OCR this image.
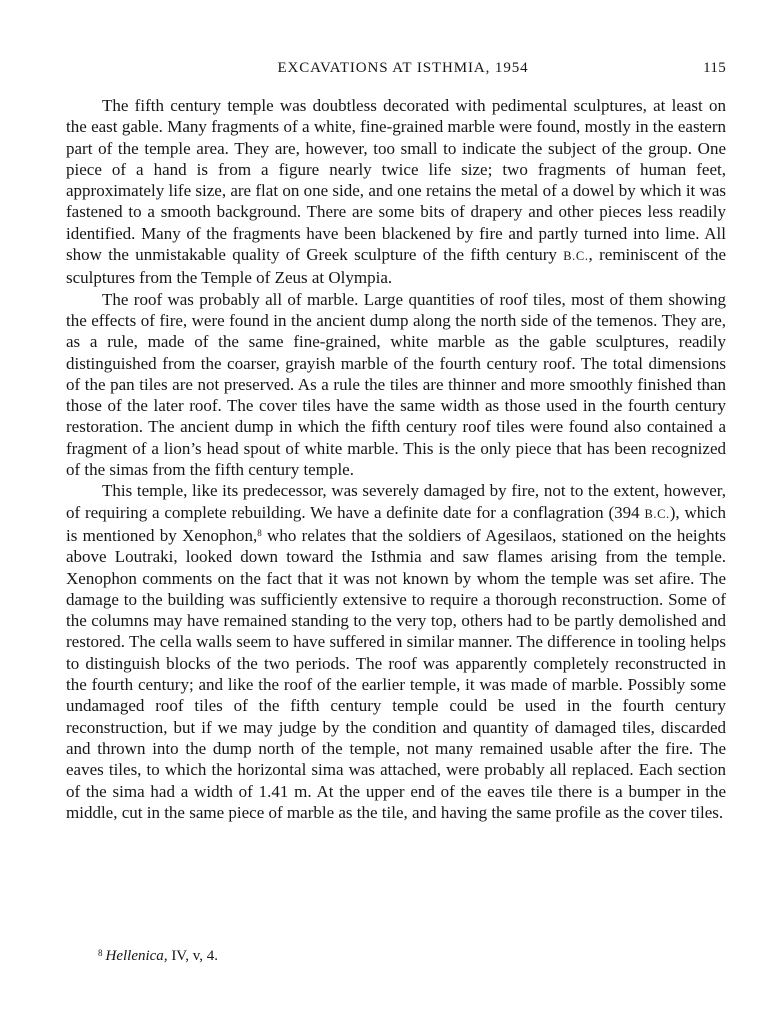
EXCAVATIONS AT ISTHMIA, 1954	115

The fifth century temple was doubtless decorated with pedimental sculptures, at least on the east gable. Many fragments of a white, fine-grained marble were found, mostly in the eastern part of the temple area. They are, however, too small to indicate the subject of the group. One piece of a hand is from a figure nearly twice life size; two fragments of human feet, approximately life size, are flat on one side, and one retains the metal of a dowel by which it was fastened to a smooth background. There are some bits of drapery and other pieces less readily identified. Many of the fragments have been blackened by fire and partly turned into lime. All show the unmistakable quality of Greek sculpture of the fifth century B.C., reminiscent of the sculptures from the Temple of Zeus at Olympia.

The roof was probably all of marble. Large quantities of roof tiles, most of them showing the effects of fire, were found in the ancient dump along the north side of the temenos. They are, as a rule, made of the same fine-grained, white marble as the gable sculptures, readily distinguished from the coarser, grayish marble of the fourth century roof. The total dimensions of the pan tiles are not preserved. As a rule the tiles are thinner and more smoothly finished than those of the later roof. The cover tiles have the same width as those used in the fourth century restoration. The ancient dump in which the fifth century roof tiles were found also contained a fragment of a lion’s head spout of white marble. This is the only piece that has been recognized of the simas from the fifth century temple.

This temple, like its predecessor, was severely damaged by fire, not to the extent, however, of requiring a complete rebuilding. We have a definite date for a conflagration (394 B.C.), which is mentioned by Xenophon,$^8$ who relates that the soldiers of Agesilaos, stationed on the heights above Loutraki, looked down toward the Isthmia and saw flames arising from the temple. Xenophon comments on the fact that it was not known by whom the temple was set afire. The damage to the building was sufficiently extensive to require a thorough reconstruction. Some of the columns may have remained standing to the very top, others had to be partly demolished and restored. The cella walls seem to have suffered in similar manner. The difference in tooling helps to distinguish blocks of the two periods. The roof was apparently completely reconstructed in the fourth century; and like the roof of the earlier temple, it was made of marble. Possibly some undamaged roof tiles of the fifth century temple could be used in the fourth century reconstruction, but if we may judge by the condition and quantity of damaged tiles, discarded and thrown into the dump north of the temple, not many remained usable after the fire. The eaves tiles, to which the horizontal sima was attached, were probably all replaced. Each section of the sima had a width of 1.41 m. At the upper end of the eaves tile there is a bumper in the middle, cut in the same piece of marble as the tile, and having the same profile as the cover tiles.

$^8$ Hellenica, IV, v, 4.
